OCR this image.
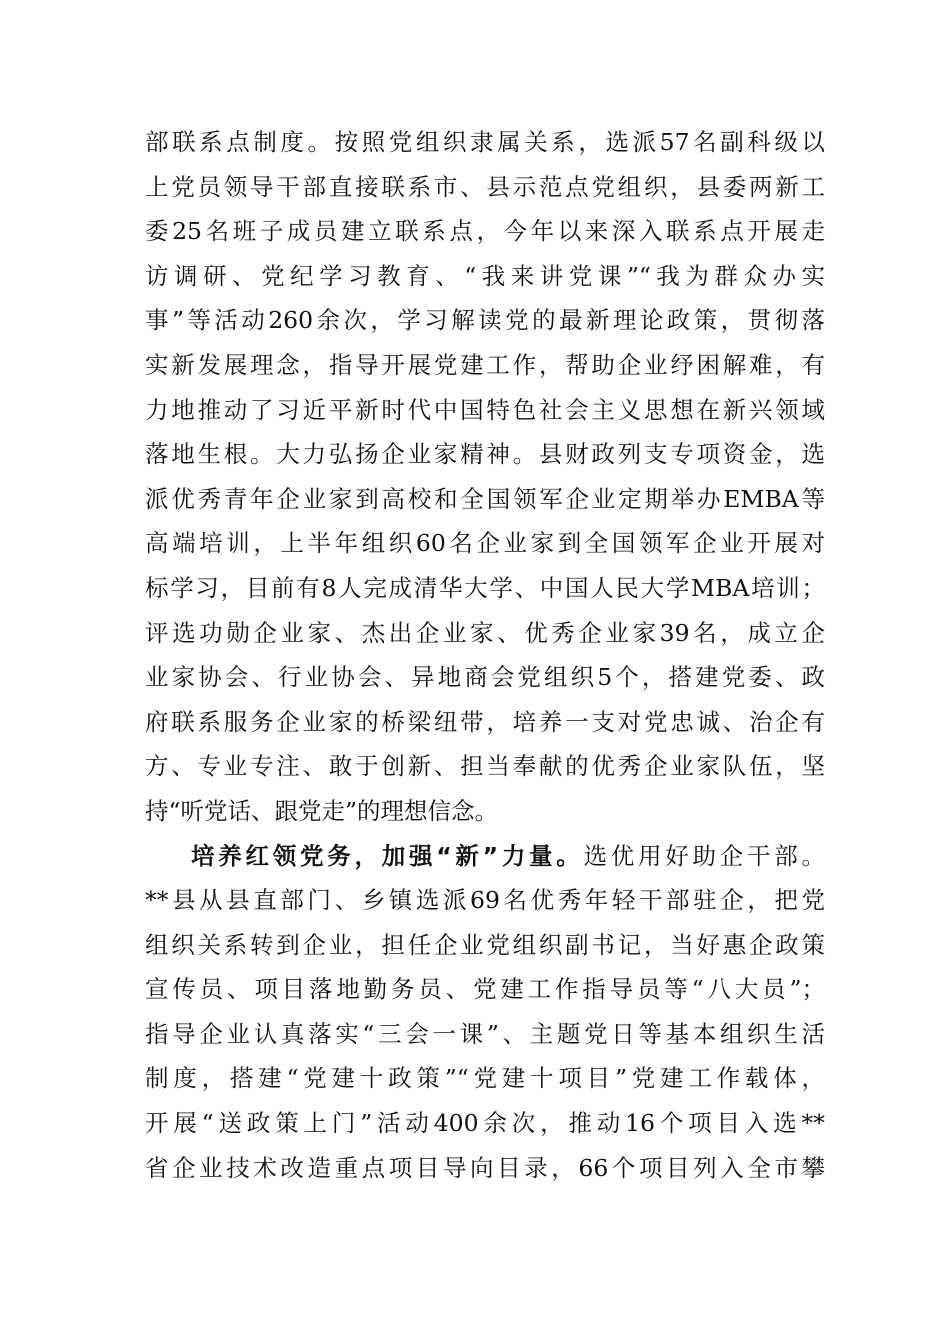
部联系点制度。按照党组织隶属关系，选派57名副科级以
上党员领导干部直接联系市、县示范点党组织，县委两新工
委25名班子成员建立联系点，今年以来深入联系点开展走
访调研、党纪学习教育、“我来讲党课”“我为群众办实
事”等活动260余次，学习解读党的最新理论政策，贯彻落
实新发展理念，指导开展党建工作，帮助企业纾困解难，有
力地推动了习近平新时代中国特色社会主义思想在新兴领域
落地生根。大力弘扬企业家精神。县财政列支专项资金，选
派优秀青年企业家到高校和全国领军企业定期举办EMBA等
高端培训，上半年组织60名企业家到全国领军企业开展对
标学习，目前有8人完成清华大学、中国人民大学MBA培训；
评选功勋企业家、杰出企业家、优秀企业家39名，成立企
业家协会、行业协会、异地商会党组织5个，搭建党委、政
府联系服务企业家的桥梁纽带，培养一支对党忠诚、治企有
方、专业专注、敢于创新、担当奉献的优秀企业家队伍，坚
持“听党话、跟党走”的理想信念。
培养红领党务，加强“新”力量。选优用好助企干部。
**县从县直部门、乡镇选派69名优秀年轻干部驻企，把党
组织关系转到企业，担任企业党组织副书记，当好惠企政策
宣传员、项目落地勤务员、党建工作指导员等“八大员”；
指导企业认真落实“三会一课”、主题党日等基本组织生活
制度，搭建“党建十政策”“党建十项目”党建工作载体，
开展“送政策上门”活动400余次，推动16个项目入选**
省企业技术改造重点项目导向目录，66个项目列入全市攀
